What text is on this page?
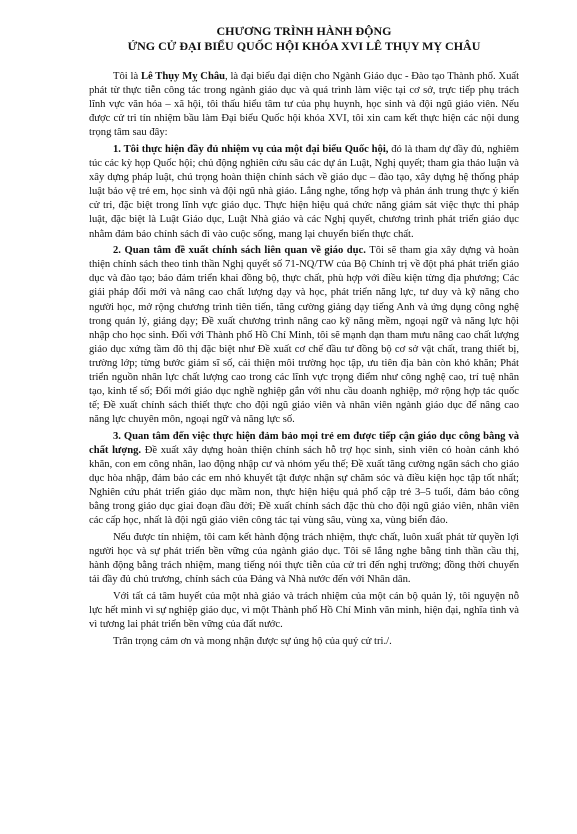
CHƯƠNG TRÌNH HÀNH ĐỘNG
ỨNG CỬ ĐẠI BIỂU QUỐC HỘI KHÓA XVI LÊ THỤY MỴ CHÂU

Tôi là Lê Thụy Mỵ Châu, là đại biểu đại diện cho Ngành Giáo dục - Đào tạo Thành phố. Xuất phát từ thực tiễn công tác trong ngành giáo dục và quá trình làm việc tại cơ sở, trực tiếp phụ trách lĩnh vực văn hóa – xã hội, tôi thấu hiểu tâm tư của phụ huynh, học sinh và đội ngũ giáo viên. Nếu được cử tri tín nhiệm bầu làm Đại biểu Quốc hội khóa XVI, tôi xin cam kết thực hiện các nội dung trọng tâm sau đây:

1. Tôi thực hiện đầy đủ nhiệm vụ của một đại biểu Quốc hội, đó là tham dự đầy đủ, nghiêm túc các kỳ họp Quốc hội; chủ động nghiên cứu sâu các dự án Luật, Nghị quyết; tham gia thảo luận và xây dựng pháp luật, chú trọng hoàn thiện chính sách về giáo dục – đào tạo, xây dựng hệ thống pháp luật bảo vệ trẻ em, học sinh và đội ngũ nhà giáo. Lắng nghe, tổng hợp và phản ánh trung thực ý kiến cử tri, đặc biệt trong lĩnh vực giáo dục. Thực hiện hiệu quả chức năng giám sát việc thực thi pháp luật, đặc biệt là Luật Giáo dục, Luật Nhà giáo và các Nghị quyết, chương trình phát triển giáo dục nhằm đảm bảo chính sách đi vào cuộc sống, mang lại chuyển biến thực chất.

2. Quan tâm đề xuất chính sách liên quan về giáo dục. Tôi sẽ tham gia xây dựng và hoàn thiện chính sách theo tinh thần Nghị quyết số 71-NQ/TW của Bộ Chính trị về đột phá phát triển giáo dục và đào tạo; bảo đảm triển khai đồng bộ, thực chất, phù hợp với điều kiện từng địa phương; Các giải pháp đổi mới và nâng cao chất lượng dạy và học, phát triển năng lực, tư duy và kỹ năng cho người học, mở rộng chương trình tiên tiến, tăng cường giảng dạy tiếng Anh và ứng dụng công nghệ trong quản lý, giảng dạy; Đề xuất chương trình nâng cao kỹ năng mềm, ngoại ngữ và năng lực hội nhập cho học sinh. Đối với Thành phố Hồ Chí Minh, tôi sẽ mạnh dạn tham mưu nâng cao chất lượng giáo dục xứng tầm đô thị đặc biệt như Đề xuất cơ chế đầu tư đồng bộ cơ sở vật chất, trang thiết bị, trường lớp; từng bước giảm sĩ số, cải thiện môi trường học tập, ưu tiên địa bàn còn khó khăn; Phát triển nguồn nhân lực chất lượng cao trong các lĩnh vực trọng điểm như công nghệ cao, trí tuệ nhân tạo, kinh tế số; Đổi mới giáo dục nghề nghiệp gắn với nhu cầu doanh nghiệp, mở rộng hợp tác quốc tế; Đề xuất chính sách thiết thực cho đội ngũ giáo viên và nhân viên ngành giáo dục để nâng cao năng lực chuyên môn, ngoại ngữ và năng lực số.

3. Quan tâm đến việc thực hiện đảm bảo mọi trẻ em được tiếp cận giáo dục công bằng và chất lượng. Đề xuất xây dựng hoàn thiện chính sách hỗ trợ học sinh, sinh viên có hoàn cảnh khó khăn, con em công nhân, lao động nhập cư và nhóm yếu thế; Đề xuất tăng cường ngân sách cho giáo dục hòa nhập, đảm bảo các em nhỏ khuyết tật được nhận sự chăm sóc và điều kiện học tập tốt nhất; Nghiên cứu phát triển giáo dục mầm non, thực hiện hiệu quả phổ cập trẻ 3–5 tuổi, đảm bảo công bằng trong giáo dục giai đoạn đầu đời; Đề xuất chính sách đặc thù cho đội ngũ giáo viên, nhân viên các cấp học, nhất là đội ngũ giáo viên công tác tại vùng sâu, vùng xa, vùng biển đảo.

Nếu được tín nhiệm, tôi cam kết hành động trách nhiệm, thực chất, luôn xuất phát từ quyền lợi người học và sự phát triển bền vững của ngành giáo dục. Tôi sẽ lắng nghe bằng tinh thần cầu thị, hành động bằng trách nhiệm, mang tiếng nói thực tiễn của cử tri đến nghị trường; đồng thời chuyển tải đầy đủ chủ trương, chính sách của Đảng và Nhà nước đến với Nhân dân.

Với tất cả tâm huyết của một nhà giáo và trách nhiệm của một cán bộ quản lý, tôi nguyện nỗ lực hết mình vì sự nghiệp giáo dục, vì một Thành phố Hồ Chí Minh văn minh, hiện đại, nghĩa tình và vì tương lai phát triển bền vững của đất nước.

Trân trọng cảm ơn và mong nhận được sự ủng hộ của quý cử tri./.
